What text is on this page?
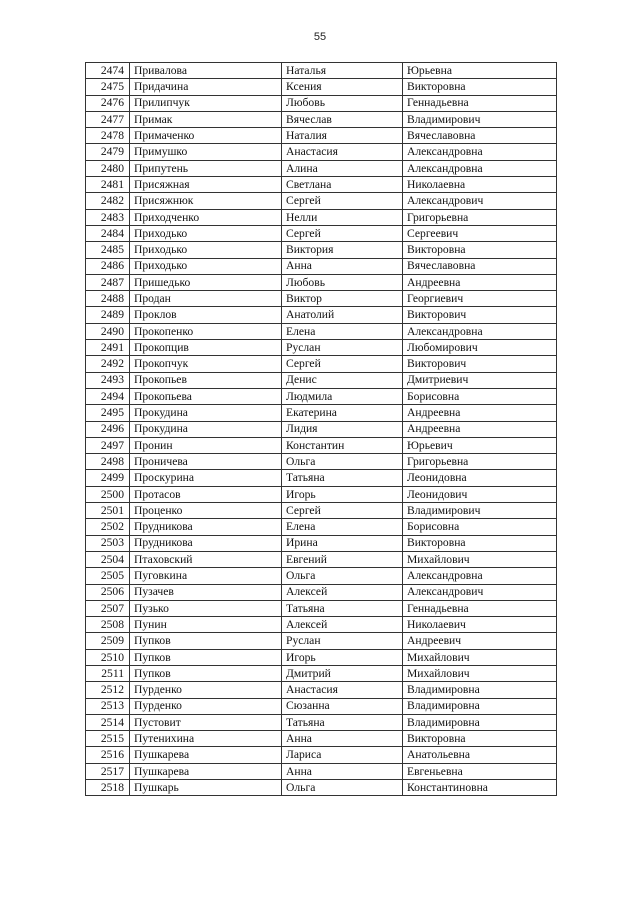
55
2474	Привалова	Наталья	Юрьевна
2475	Придачина	Ксения	Викторовна
2476	Прилипчук	Любовь	Геннадьевна
2477	Примак	Вячеслав	Владимирович
2478	Примаченко	Наталия	Вячеславовна
2479	Примушко	Анастасия	Александровна
2480	Припутень	Алина	Александровна
2481	Присяжная	Светлана	Николаевна
2482	Присяжнюк	Сергей	Александрович
2483	Приходченко	Нелли	Григорьевна
2484	Приходько	Сергей	Сергеевич
2485	Приходько	Виктория	Викторовна
2486	Приходько	Анна	Вячеславовна
2487	Пришедько	Любовь	Андреевна
2488	Продан	Виктор	Георгиевич
2489	Проклов	Анатолий	Викторович
2490	Прокопенко	Елена	Александровна
2491	Прокопцив	Руслан	Любомирович
2492	Прокопчук	Сергей	Викторович
2493	Прокопьев	Денис	Дмитриевич
2494	Прокопьева	Людмила	Борисовна
2495	Прокудина	Екатерина	Андреевна
2496	Прокудина	Лидия	Андреевна
2497	Пронин	Константин	Юрьевич
2498	Проничева	Ольга	Григорьевна
2499	Проскурина	Татьяна	Леонидовна
2500	Протасов	Игорь	Леонидович
2501	Проценко	Сергей	Владимирович
2502	Прудникова	Елена	Борисовна
2503	Прудникова	Ирина	Викторовна
2504	Птаховский	Евгений	Михайлович
2505	Пуговкина	Ольга	Александровна
2506	Пузачев	Алексей	Александрович
2507	Пузько	Татьяна	Геннадьевна
2508	Пунин	Алексей	Николаевич
2509	Пупков	Руслан	Андреевич
2510	Пупков	Игорь	Михайлович
2511	Пупков	Дмитрий	Михайлович
2512	Пурденко	Анастасия	Владимировна
2513	Пурденко	Сюзанна	Владимировна
2514	Пустовит	Татьяна	Владимировна
2515	Путенихина	Анна	Викторовна
2516	Пушкарева	Лариса	Анатольевна
2517	Пушкарева	Анна	Евгеньевна
2518	Пушкарь	Ольга	Константиновна
